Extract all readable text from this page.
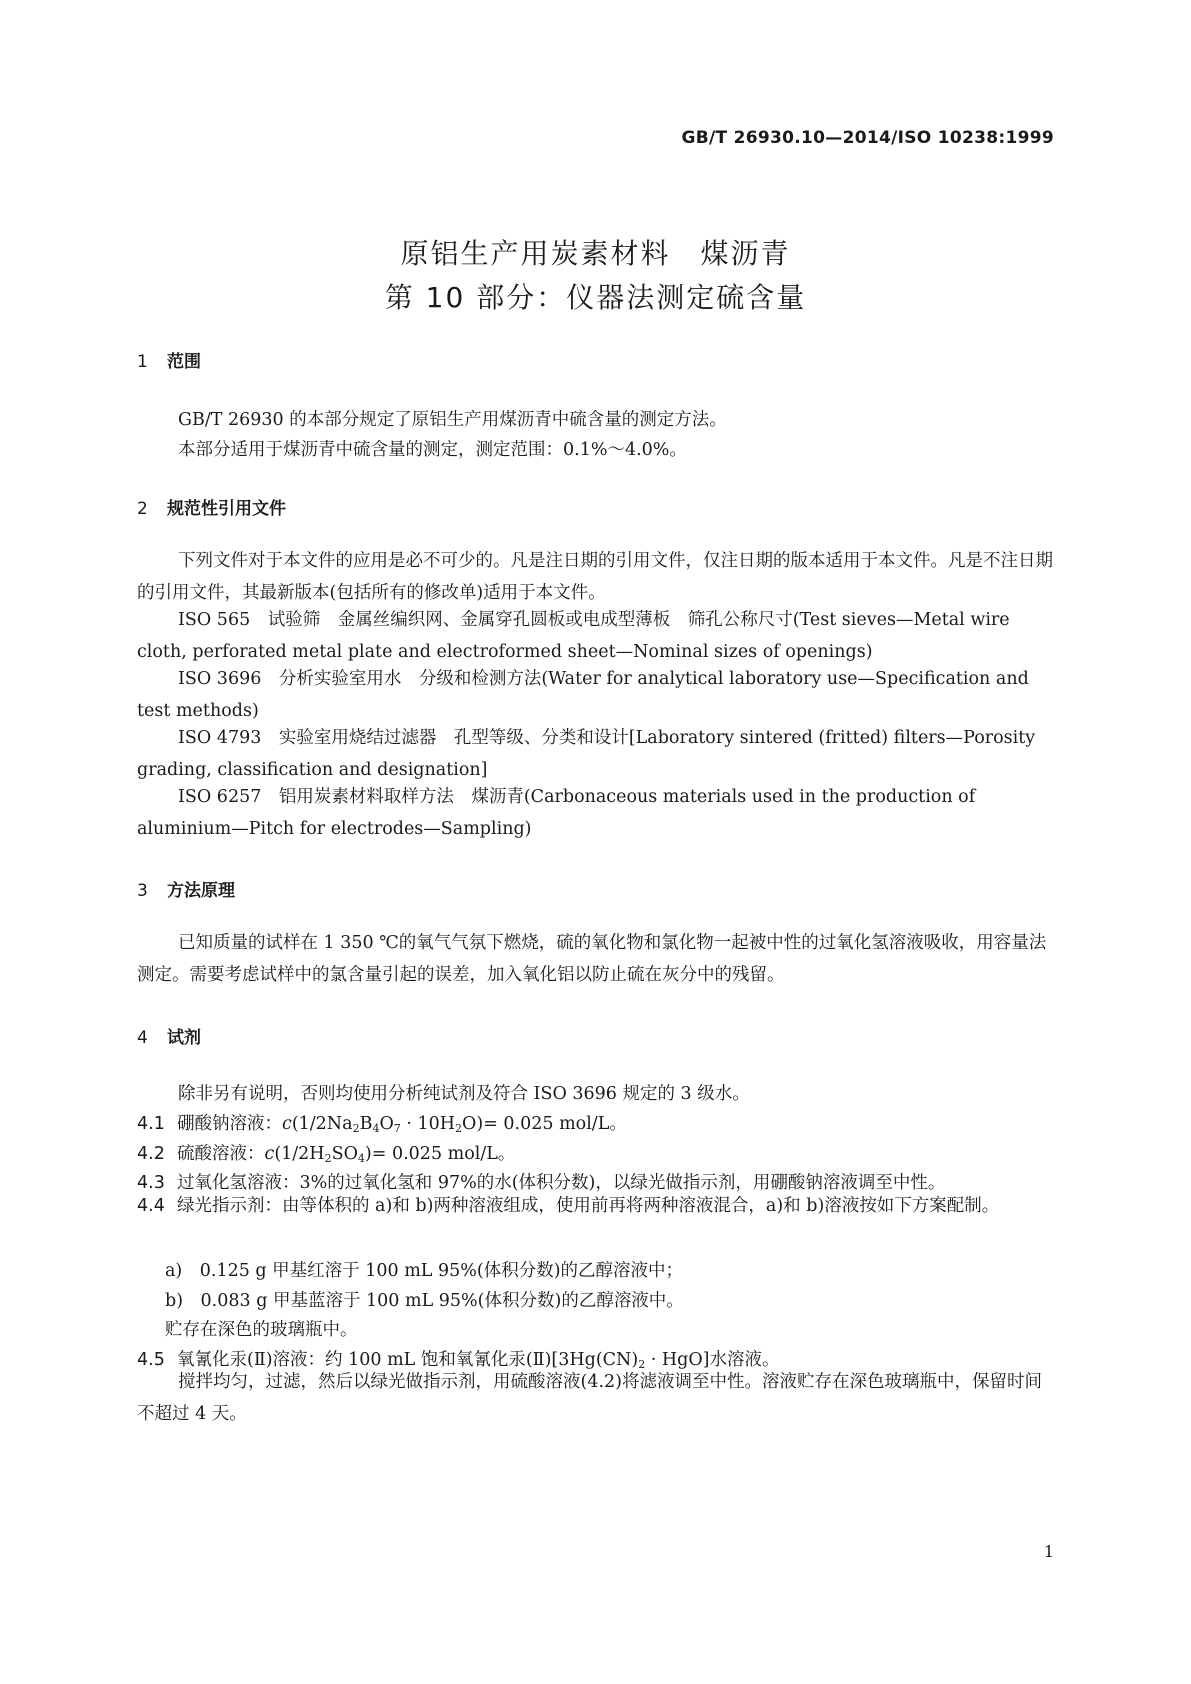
GB/T 26930.10—2014/ISO 10238:1999
原铝生产用炭素材料　煤沥青
第 10 部分：仪器法测定硫含量
1 范围
GB/T 26930 的本部分规定了原铝生产用煤沥青中硫含量的测定方法。
本部分适用于煤沥青中硫含量的测定，测定范围：0.1%～4.0%。
2 规范性引用文件
下列文件对于本文件的应用是必不可少的。凡是注日期的引用文件，仅注日期的版本适用于本文件。凡是不注日期的引用文件，其最新版本(包括所有的修改单)适用于本文件。
ISO 565　试验筛　金属丝编织网、金属穿孔圆板或电成型薄板　筛孔公称尺寸(Test sieves—Metal wire cloth, perforated metal plate and electroformed sheet—Nominal sizes of openings)
ISO 3696　分析实验室用水　分级和检测方法(Water for analytical laboratory use—Specification and test methods)
ISO 4793　实验室用烧结过滤器　孔型等级、分类和设计[Laboratory sintered (fritted) filters—Porosity grading, classification and designation]
ISO 6257　铝用炭素材料取样方法　煤沥青(Carbonaceous materials used in the production of aluminium—Pitch for electrodes—Sampling)
3 方法原理
已知质量的试样在 1 350 ℃的氧气气氛下燃烧，硫的氧化物和氯化物一起被中性的过氧化氢溶液吸收，用容量法测定。需要考虑试样中的氯含量引起的误差，加入氧化铝以防止硫在灰分中的残留。
4 试剂
除非另有说明，否则均使用分析纯试剂及符合 ISO 3696 规定的 3 级水。
4.1 硼酸钠溶液：$c(1/2Na_2B_4O_7 \cdot 10H_2O)= 0.025$ mol/L。
4.2 硫酸溶液：$c(1/2H_2SO_4)= 0.025$ mol/L。
4.3 过氧化氢溶液：3%的过氧化氢和 97%的水(体积分数)，以绿光做指示剂，用硼酸钠溶液调至中性。
4.4 绿光指示剂：由等体积的 a)和 b)两种溶液组成，使用前再将两种溶液混合，a)和 b)溶液按如下方案配制。
a)　0.125 g 甲基红溶于 100 mL 95%(体积分数)的乙醇溶液中；
b)　0.083 g 甲基蓝溶于 100 mL 95%(体积分数)的乙醇溶液中。
贮存在深色的玻璃瓶中。
4.5 氧氰化汞(Ⅱ)溶液：约 100 mL 饱和氧氰化汞$(Ⅱ)[3Hg(CN)_2 \cdot HgO]$水溶液。
搅拌均匀，过滤，然后以绿光做指示剂，用硫酸溶液(4.2)将滤液调至中性。溶液贮存在深色玻璃瓶中，保留时间不超过 4 天。
1
